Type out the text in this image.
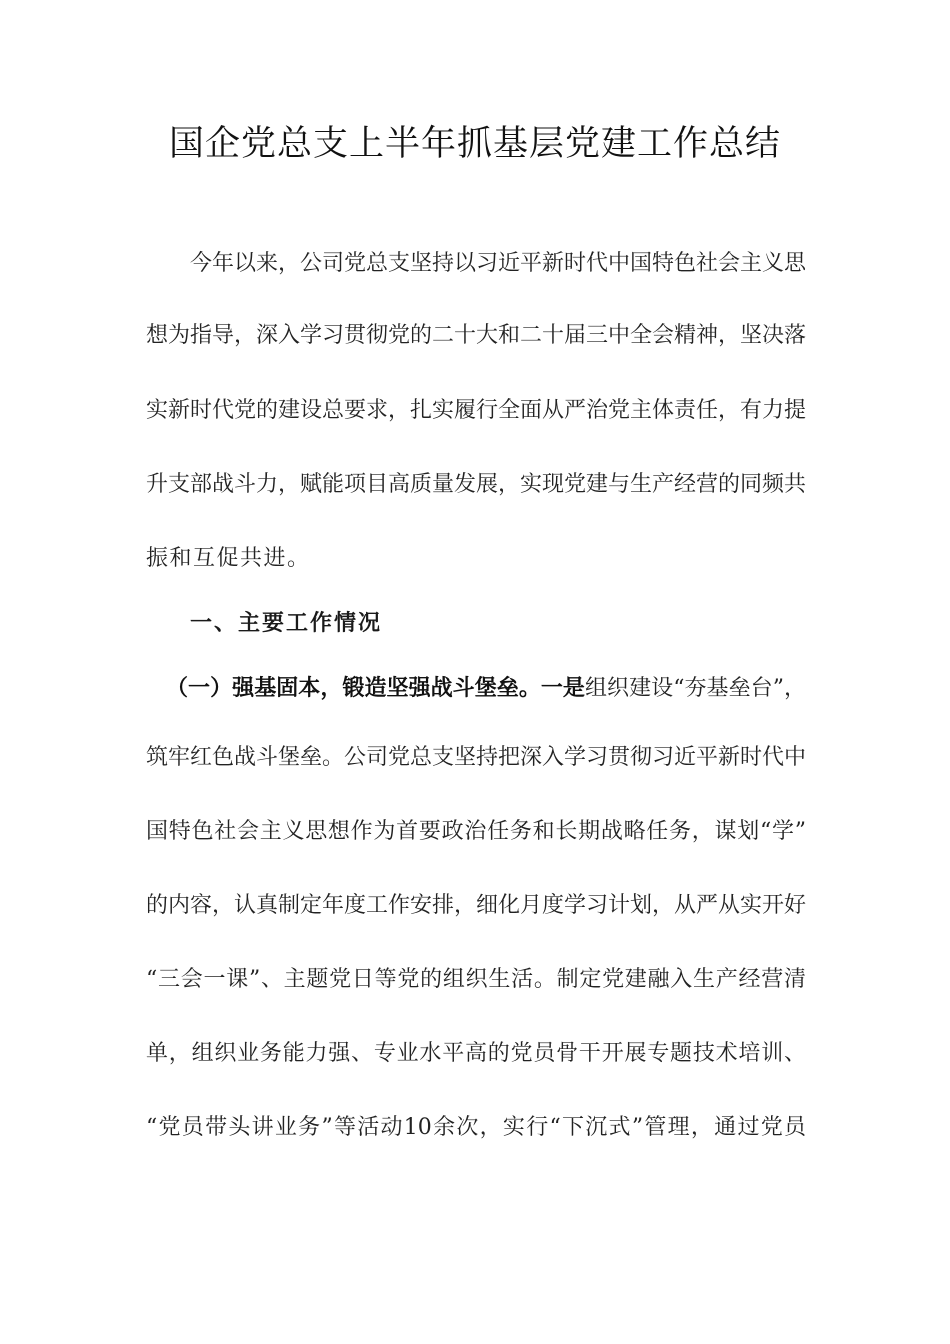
国企党总支上半年抓基层党建工作总结
今年以来，公司党总支坚持以习近平新时代中国特色社会主义思
想为指导，深入学习贯彻党的二十大和二十届三中全会精神，坚决落
实新时代党的建设总要求，扎实履行全面从严治党主体责任，有力提
升支部战斗力，赋能项目高质量发展，实现党建与生产经营的同频共
振和互促共进。
一、主要工作情况
（一）强基固本，锻造坚强战斗堡垒。一是组织建设“夯基垒台”，
筑牢红色战斗堡垒。公司党总支坚持把深入学习贯彻习近平新时代中
国特色社会主义思想作为首要政治任务和长期战略任务，谋划“学”
的内容，认真制定年度工作安排，细化月度学习计划，从严从实开好
“三会一课”、主题党日等党的组织生活。制定党建融入生产经营清
单，组织业务能力强、专业水平高的党员骨干开展专题技术培训、
“党员带头讲业务”等活动10余次，实行“下沉式”管理，通过党员
